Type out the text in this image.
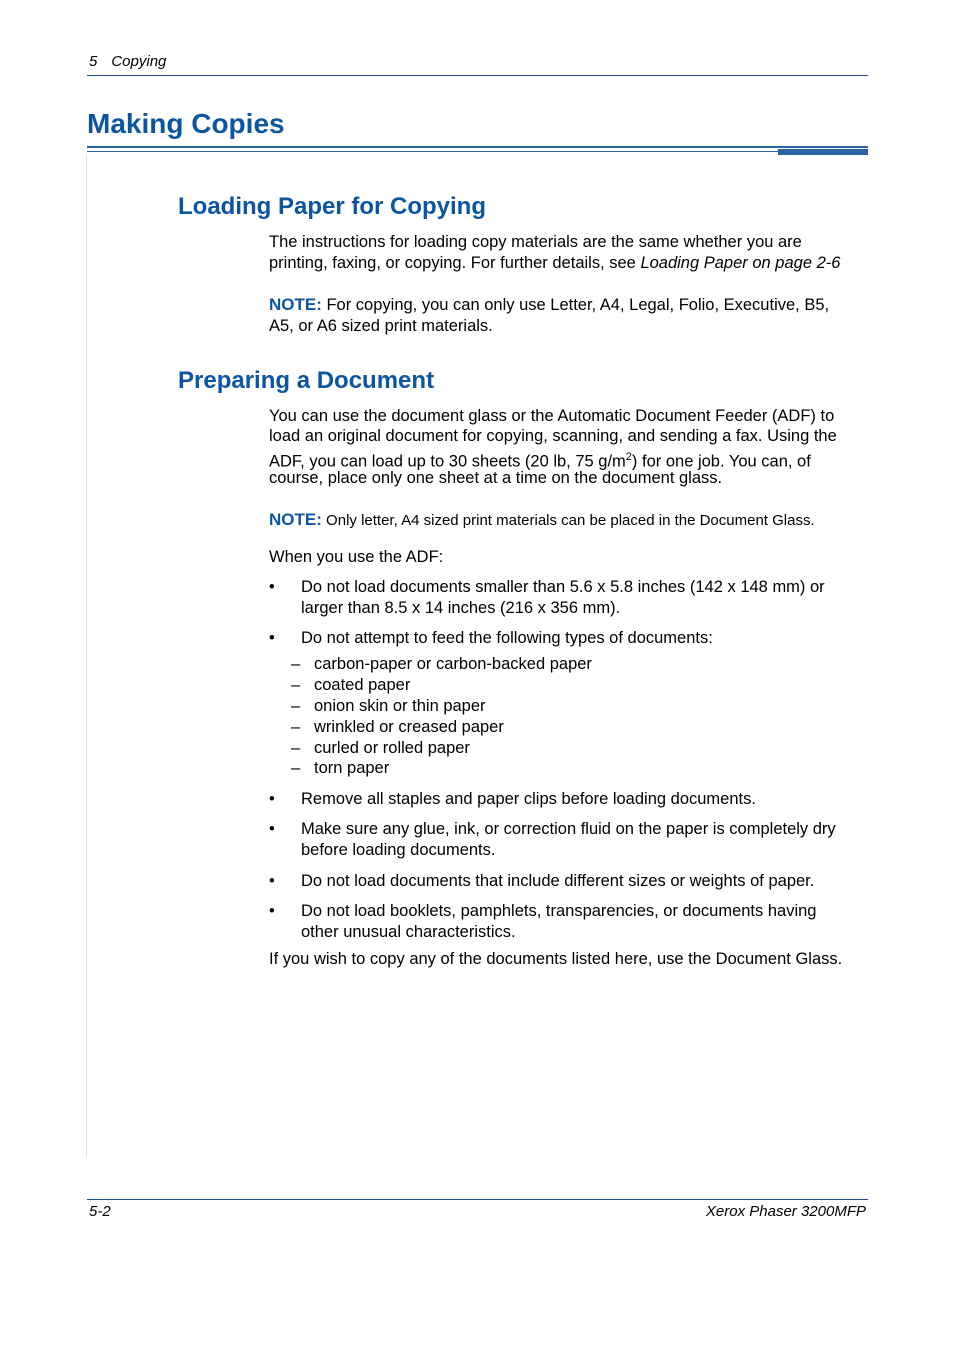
5 Copying
Making Copies
Loading Paper for Copying
The instructions for loading copy materials are the same whether you are
printing, faxing, or copying. For further details, see Loading Paper on page 2-6
NOTE: For copying, you can only use Letter, A4, Legal, Folio, Executive, B5,
A5, or A6 sized print materials.
Preparing a Document
You can use the document glass or the Automatic Document Feeder (ADF) to
load an original document for copying, scanning, and sending a fax. Using the
ADF, you can load up to 30 sheets (20 lb, 75 $g/m^2$) for one job. You can, of
course, place only one sheet at a time on the document glass.
NOTE: Only letter, A4 sized print materials can be placed in the Document Glass.
When you use the ADF:
• Do not load documents smaller than 5.6 x 5.8 inches (142 x 148 mm) or
larger than 8.5 x 14 inches (216 x 356 mm).
• Do not attempt to feed the following types of documents:
– carbon-paper or carbon-backed paper
– coated paper
– onion skin or thin paper
– wrinkled or creased paper
– curled or rolled paper
– torn paper
• Remove all staples and paper clips before loading documents.
• Make sure any glue, ink, or correction fluid on the paper is completely dry
before loading documents.
• Do not load documents that include different sizes or weights of paper.
• Do not load booklets, pamphlets, transparencies, or documents having
other unusual characteristics.
If you wish to copy any of the documents listed here, use the Document Glass.
5-2	Xerox Phaser 3200MFP
